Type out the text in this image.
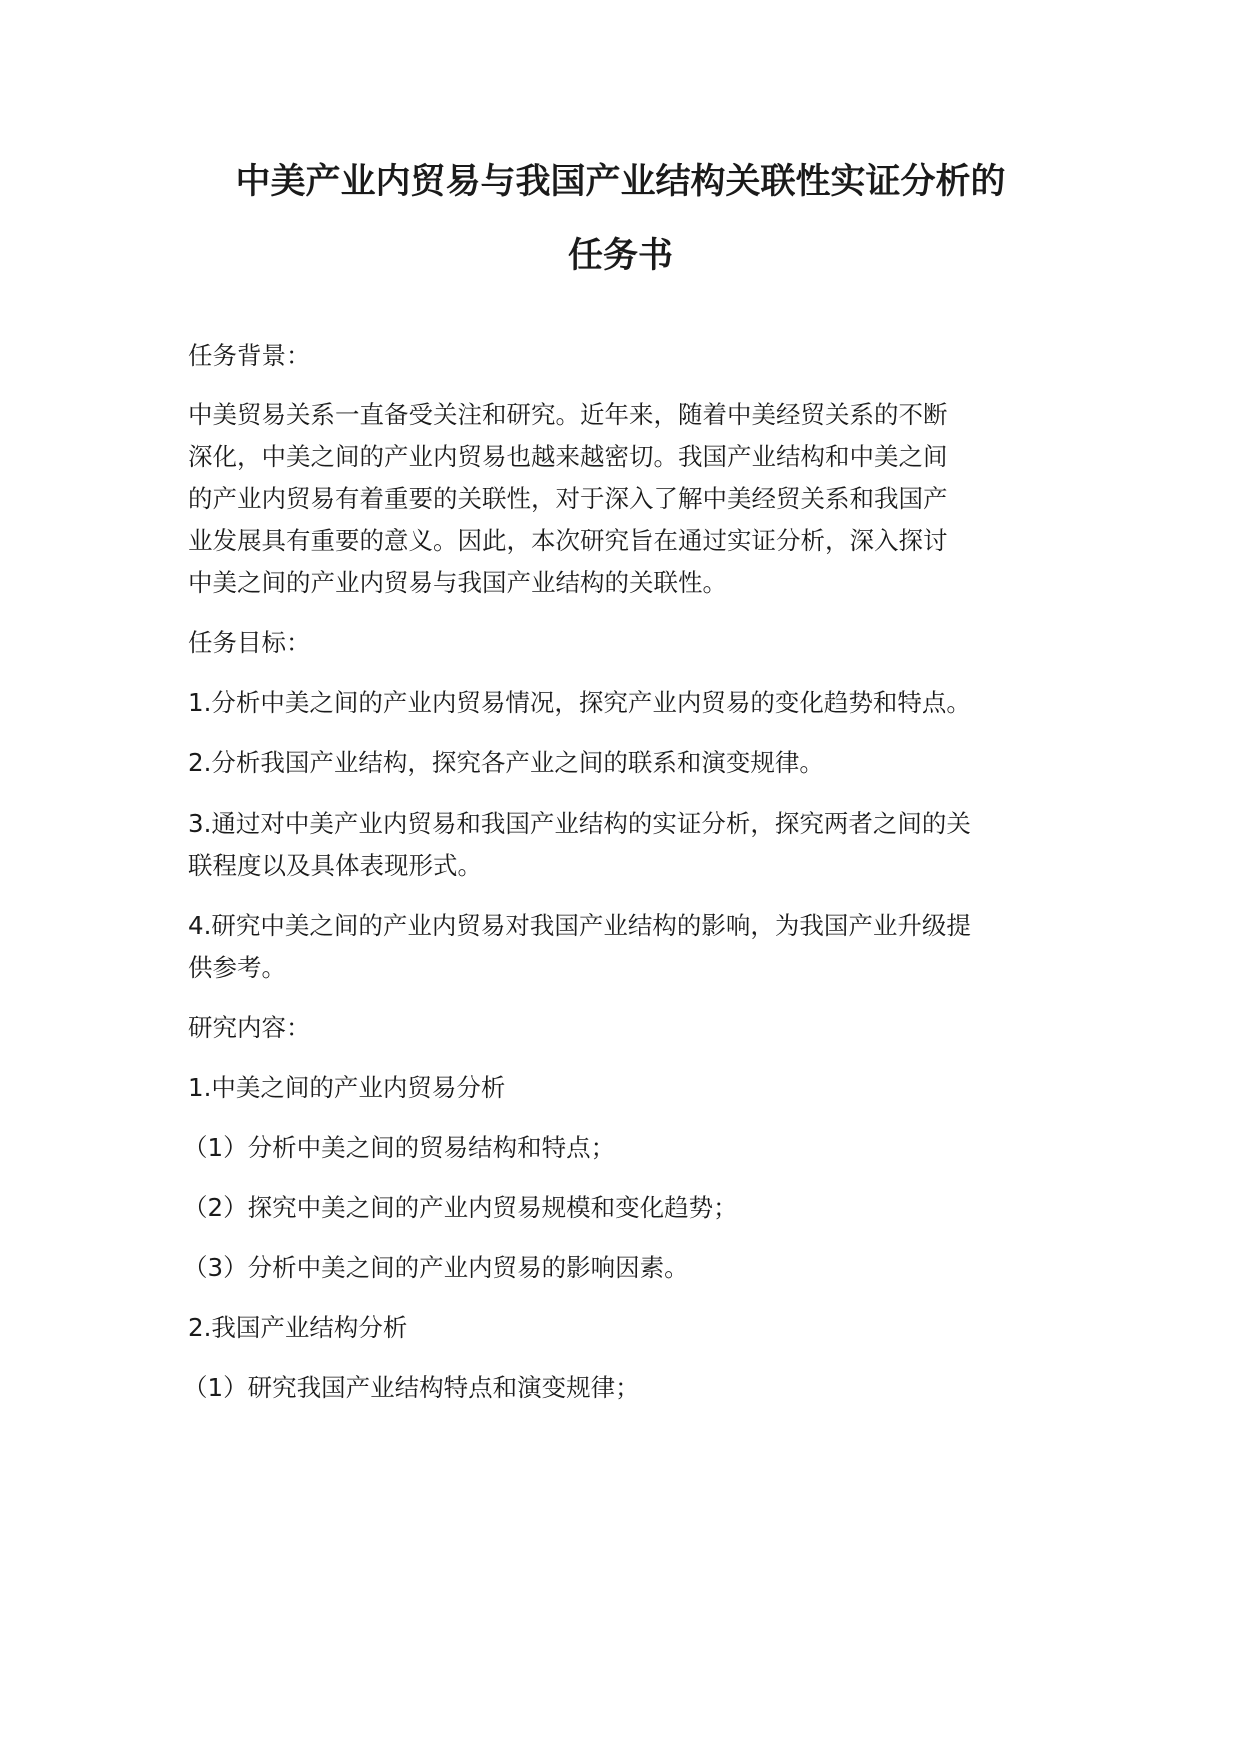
中美产业内贸易与我国产业结构关联性实证分析的
任务书
任务背景：
中美贸易关系一直备受关注和研究。近年来，随着中美经贸关系的不断
深化，中美之间的产业内贸易也越来越密切。我国产业结构和中美之间
的产业内贸易有着重要的关联性，对于深入了解中美经贸关系和我国产
业发展具有重要的意义。因此，本次研究旨在通过实证分析，深入探讨
中美之间的产业内贸易与我国产业结构的关联性。
任务目标：
1.分析中美之间的产业内贸易情况，探究产业内贸易的变化趋势和特点。
2.分析我国产业结构，探究各产业之间的联系和演变规律。
3.通过对中美产业内贸易和我国产业结构的实证分析，探究两者之间的关
联程度以及具体表现形式。
4.研究中美之间的产业内贸易对我国产业结构的影响，为我国产业升级提
供参考。
研究内容：
1.中美之间的产业内贸易分析
（1）分析中美之间的贸易结构和特点；
（2）探究中美之间的产业内贸易规模和变化趋势；
（3）分析中美之间的产业内贸易的影响因素。
2.我国产业结构分析
（1）研究我国产业结构特点和演变规律；
